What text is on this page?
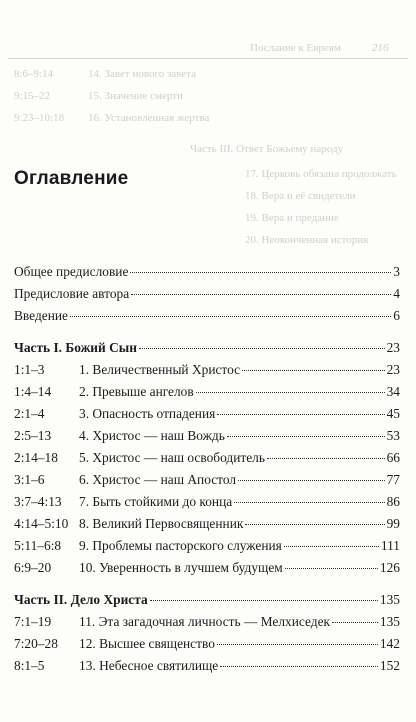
216
Послание к Евреям
8:6–9:14	14. Завет нового завета
9:15–22	15. Значение смерти
9:23–10:18 16. Установленная жертва
Часть III. Ответ Божьему народу
17. Церковь обязана продолжать
18. Вера и её свидетели
19. Вера и предание
20. Неоконченная история
Оглавление
Общее предисловие	3
Предисловие автора	4
Введение	6
Часть I. Божий Сын	23
1:1–3	1. Величественный Христос	23
1:4–14	2. Превыше ангелов	34
2:1–4	3. Опасность отпадения	45
2:5–13	4. Христос — наш Вождь	53
2:14–18	5. Христос — наш освободитель	66
3:1–6	6. Христос — наш Апостол	77
3:7–4:13	7. Быть стойкими до конца	86
4:14–5:10 8. Великий Первосвященник	99
5:11–6:8	9. Проблемы пасторского служения	111
6:9–20	10. Уверенность в лучшем будущем	126
Часть II. Дело Христа	135
7:1–19	11. Эта загадочная личность — Мелхиседек	135
7:20–28	12. Высшее священство	142
8:1–5	13. Небесное святилище	152
